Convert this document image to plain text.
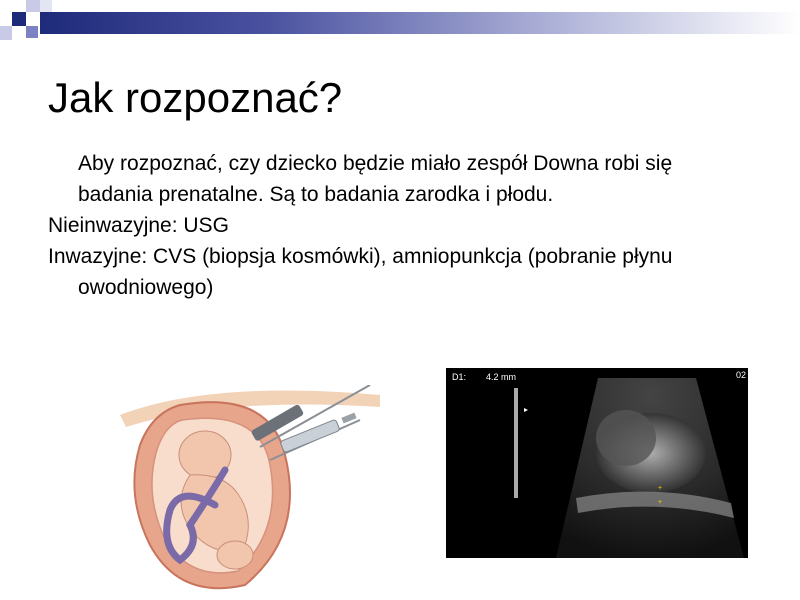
Jak rozpoznać?
Aby rozpoznać, czy dziecko będzie miało zespół Downa robi się badania prenatalne. Są to badania zarodka i płodu.
Nieinwazyjne: USG
Inwazyjne: CVS (biopsja kosmówki), amniopunkcja (pobranie płynu owodniowego)
D1: 4.2 mm	02
+
+
